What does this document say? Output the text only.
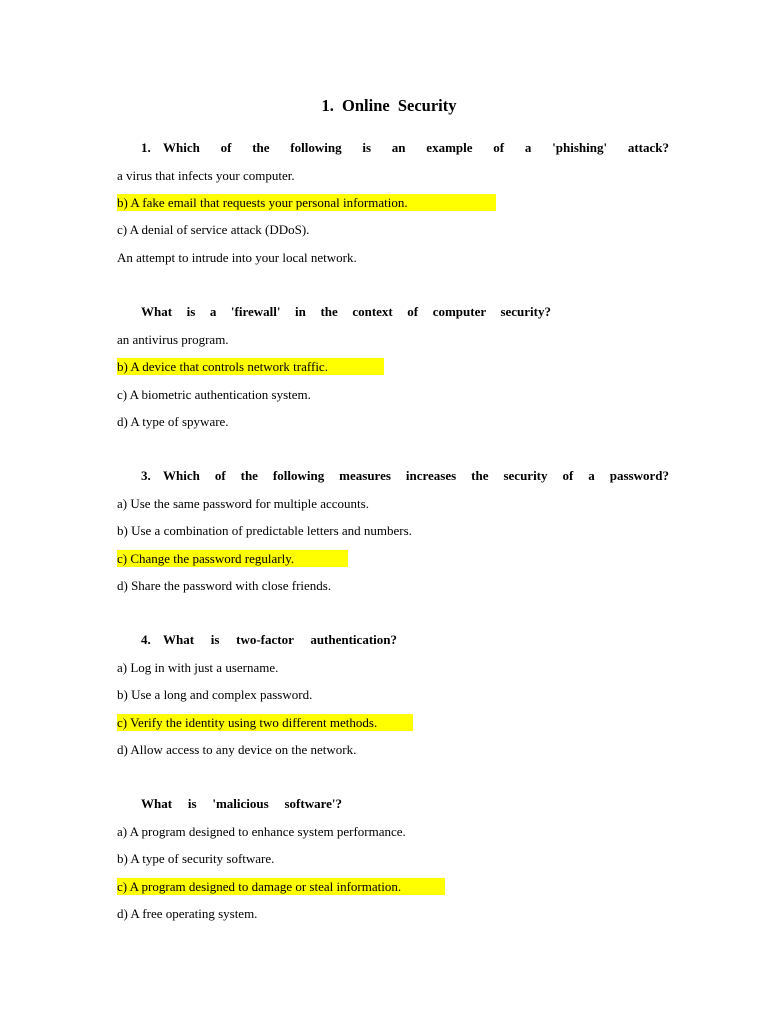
1. Online Security
1. Which of the following is an example of a 'phishing' attack?
a virus that infects your computer.
b) A fake email that requests your personal information.
c) A denial of service attack (DDoS).
An attempt to intrude into your local network.
What is a 'firewall' in the context of computer security?
an antivirus program.
b) A device that controls network traffic.
c) A biometric authentication system.
d) A type of spyware.
3. Which of the following measures increases the security of a password?
a) Use the same password for multiple accounts.
b) Use a combination of predictable letters and numbers.
c) Change the password regularly.
d) Share the password with close friends.
4. What is two-factor authentication?
a) Log in with just a username.
b) Use a long and complex password.
c) Verify the identity using two different methods.
d) Allow access to any device on the network.
What is 'malicious software'?
a) A program designed to enhance system performance.
b) A type of security software.
c) A program designed to damage or steal information.
d) A free operating system.
